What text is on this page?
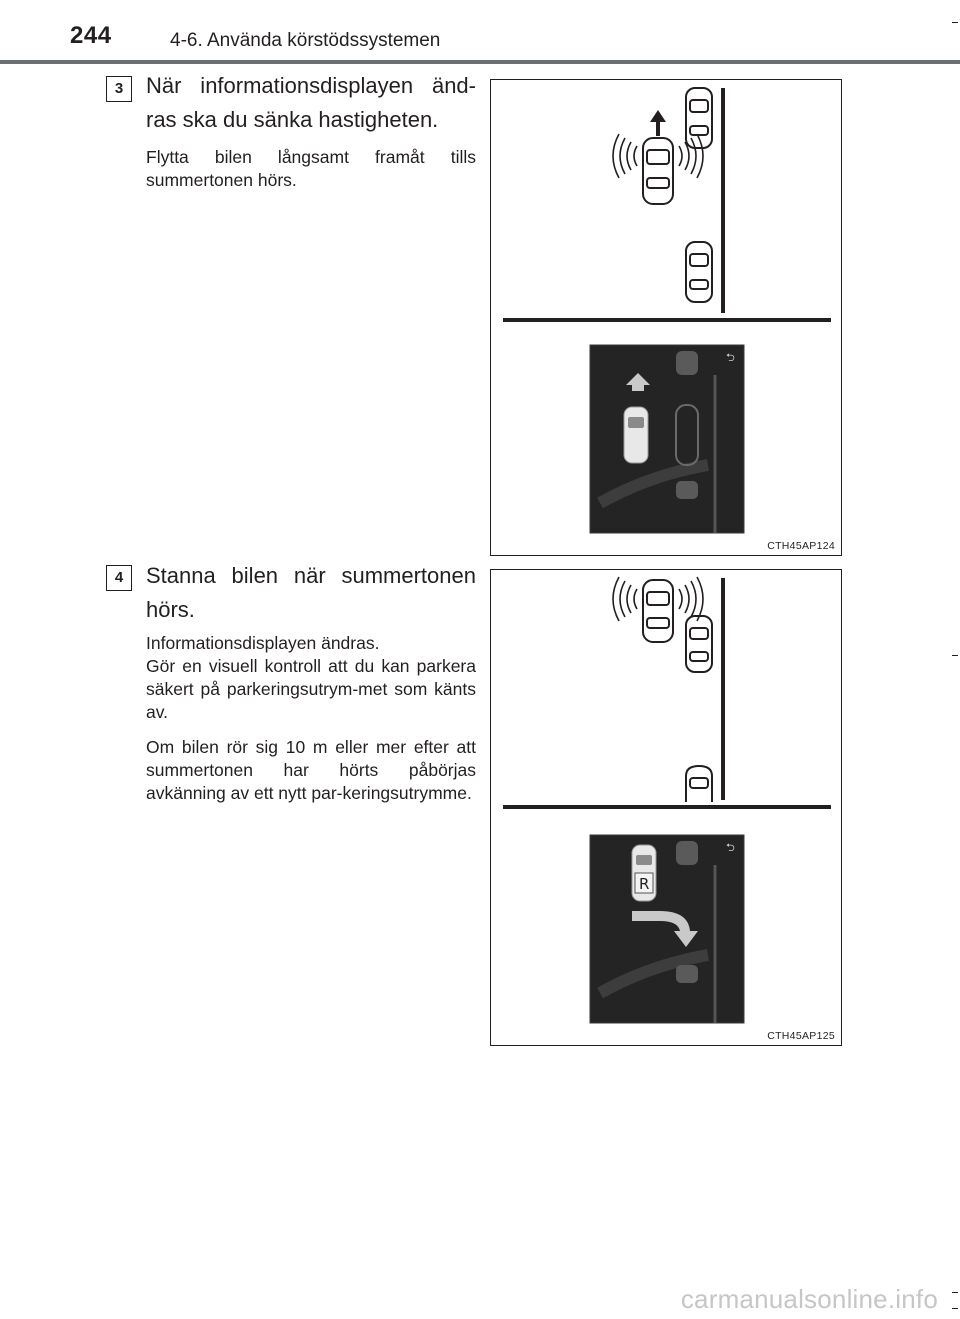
244	4-6. Använda körstödssystemen
3	När informationsdisplayen änd-ras ska du sänka hastigheten.
Flytta bilen långsamt framåt tills summertonen hörs.
⮌
CTH45AP124
4	Stanna bilen när summertonen hörs.
Informationsdisplayen ändras.
Gör en visuell kontroll att du kan parkera säkert på parkeringsutrym-met som känts av.
Om bilen rör sig 10 m eller mer efter att summertonen har hörts påbörjas avkänning av ett nytt par-keringsutrymme.
R
⮌
CTH45AP125
carmanualsonline.info
